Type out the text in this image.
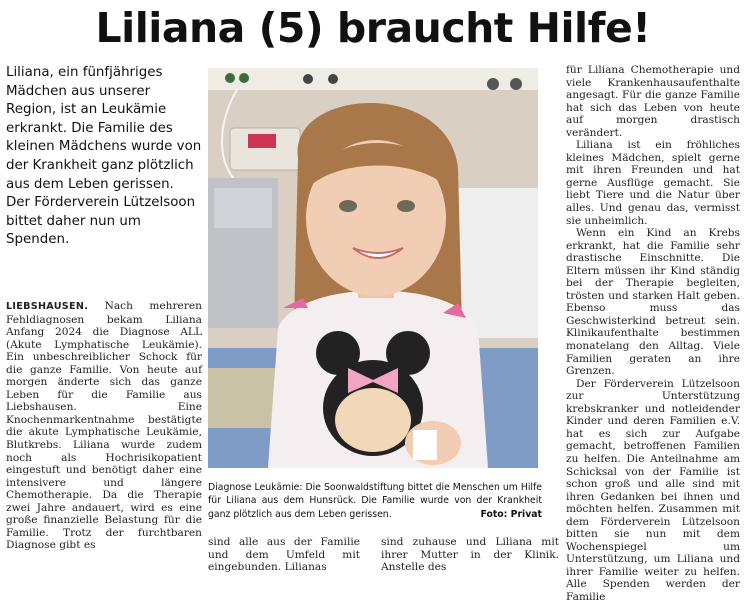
Liliana (5) braucht Hilfe!

Liliana, ein fünfjähriges Mädchen aus unserer Region, ist an Leukämie erkrankt. Die Familie des kleinen Mädchens wurde von der Krankheit ganz plötzlich aus dem Leben gerissen. Der Förderverein Lützelsoon bittet daher nun um Spenden.

LIEBSHAUSEN. Nach mehreren Fehldiagnosen bekam Liliana Anfang 2024 die Diagnose ALL (Akute Lymphatische Leukämie). Ein unbeschreiblicher Schock für die ganze Familie. Von heute auf morgen änderte sich das ganze Leben für die Familie aus Liebshausen. Eine Knochenmarkentnahme bestätigte die akute Lymphatische Leukämie, Blutkrebs. Liliana wurde zudem noch als Hochrisikopatient eingestuft und benötigt daher eine intensivere und längere Chemotherapie. Da die Therapie zwei Jahre andauert, wird es eine große finanzielle Belastung für die Familie. Trotz der furchtbaren Diagnose gibt es

Diagnose Leukämie: Die Soonwaldstiftung bittet die Menschen um Hilfe für Liliana aus dem Hunsrück. Die Familie wurde von der Krankheit ganz plötzlich aus dem Leben gerissen.	Foto: Privat

sind alle aus der Familie und dem Umfeld mit eingebunden. Lilianas

sind zuhause und Liliana mit ihrer Mutter in der Klinik. Anstelle des

für Liliana Chemotherapie und viele Krankenhausaufenthalte angesagt. Für die ganze Familie hat sich das Leben von heute auf morgen drastisch verändert.

Liliana ist ein fröhliches kleines Mädchen, spielt gerne mit ihren Freunden und hat gerne Ausflüge gemacht. Sie liebt Tiere und die Natur über alles. Und genau das, vermisst sie unheimlich.

Wenn ein Kind an Krebs erkrankt, hat die Familie sehr drastische Einschnitte. Die Eltern müssen ihr Kind ständig bei der Therapie begleiten, trösten und starken Halt geben. Ebenso muss das Geschwisterkind betreut sein. Klinikaufenthalte bestimmen monatelang den Alltag. Viele Familien geraten an ihre Grenzen.

Der Förderverein Lützelsoon zur Unterstützung krebskranker und notleidender Kinder und deren Familien e.V. hat es sich zur Aufgabe gemacht, betroffenen Familien zu helfen. Die Anteilnahme am Schicksal von der Familie ist schon groß und alle sind mit ihren Gedanken bei ihnen und möchten helfen. Zusammen mit dem Förderverein Lützelsoon bitten sie nun mit dem Wochenspiegel um Unterstützung, um Liliana und ihrer Familie weiter zu helfen. Alle Spenden werden der Familie
